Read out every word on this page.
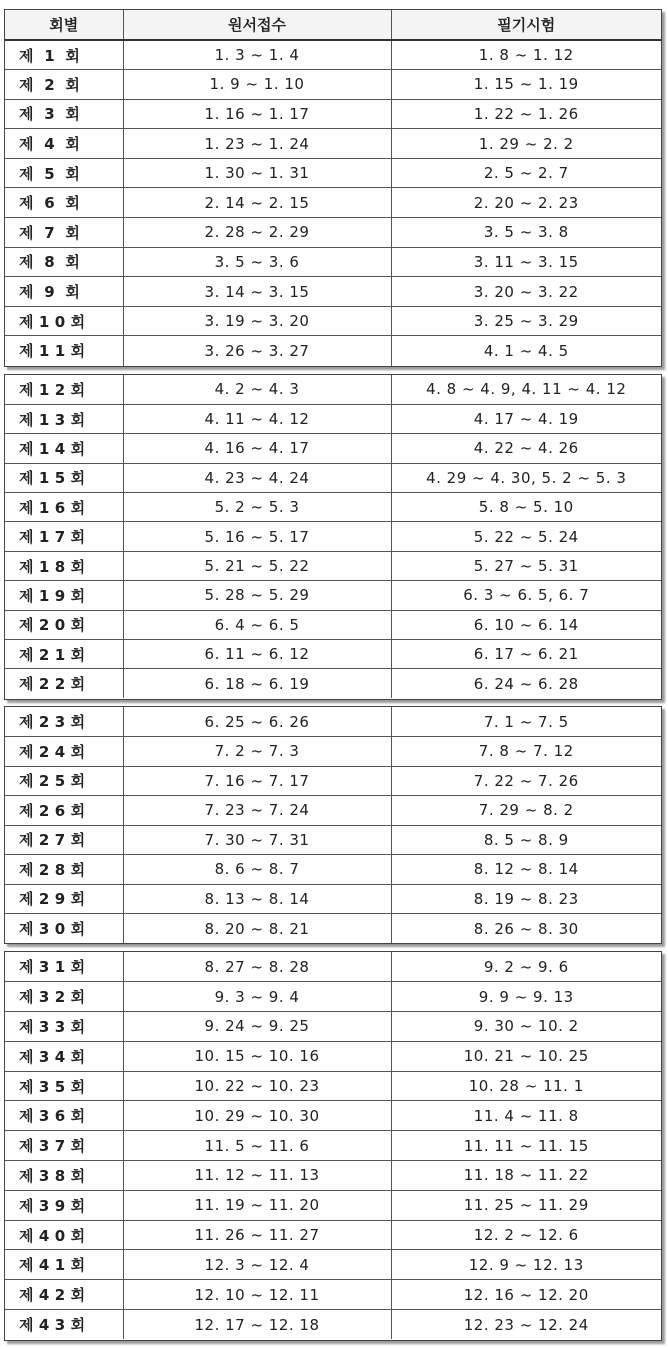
회별	원서접수	필기시험
제  1  회	1. 3 ~ 1. 4	1. 8 ~ 1. 12
제  2  회	1. 9 ~ 1. 10	1. 15 ~ 1. 19
제  3  회	1. 16 ~ 1. 17	1. 22 ~ 1. 26
제  4  회	1. 23 ~ 1. 24	1. 29 ~ 2. 2
제  5  회	1. 30 ~ 1. 31	2. 5 ~ 2. 7
제  6  회	2. 14 ~ 2. 15	2. 20 ~ 2. 23
제  7  회	2. 28 ~ 2. 29	3. 5 ~ 3. 8
제  8  회	3. 5 ~ 3. 6	3. 11 ~ 3. 15
제  9  회	3. 14 ~ 3. 15	3. 20 ~ 3. 22
제 1 0 회	3. 19 ~ 3. 20	3. 25 ~ 3. 29
제 1 1 회	3. 26 ~ 3. 27	4. 1 ~ 4. 5
제 1 2 회	4. 2 ~ 4. 3	4. 8 ~ 4. 9, 4. 11 ~ 4. 12
제 1 3 회	4. 11 ~ 4. 12	4. 17 ~ 4. 19
제 1 4 회	4. 16 ~ 4. 17	4. 22 ~ 4. 26
제 1 5 회	4. 23 ~ 4. 24	4. 29 ~ 4. 30, 5. 2 ~ 5. 3
제 1 6 회	5. 2 ~ 5. 3	5. 8 ~ 5. 10
제 1 7 회	5. 16 ~ 5. 17	5. 22 ~ 5. 24
제 1 8 회	5. 21 ~ 5. 22	5. 27 ~ 5. 31
제 1 9 회	5. 28 ~ 5. 29	6. 3 ~ 6. 5, 6. 7
제 2 0 회	6. 4 ~ 6. 5	6. 10 ~ 6. 14
제 2 1 회	6. 11 ~ 6. 12	6. 17 ~ 6. 21
제 2 2 회	6. 18 ~ 6. 19	6. 24 ~ 6. 28
제 2 3 회	6. 25 ~ 6. 26	7. 1 ~ 7. 5
제 2 4 회	7. 2 ~ 7. 3	7. 8 ~ 7. 12
제 2 5 회	7. 16 ~ 7. 17	7. 22 ~ 7. 26
제 2 6 회	7. 23 ~ 7. 24	7. 29 ~ 8. 2
제 2 7 회	7. 30 ~ 7. 31	8. 5 ~ 8. 9
제 2 8 회	8. 6 ~ 8. 7	8. 12 ~ 8. 14
제 2 9 회	8. 13 ~ 8. 14	8. 19 ~ 8. 23
제 3 0 회	8. 20 ~ 8. 21	8. 26 ~ 8. 30
제 3 1 회	8. 27 ~ 8. 28	9. 2 ~ 9. 6
제 3 2 회	9. 3 ~ 9. 4	9. 9 ~ 9. 13
제 3 3 회	9. 24 ~ 9. 25	9. 30 ~ 10. 2
제 3 4 회	10. 15 ~ 10. 16	10. 21 ~ 10. 25
제 3 5 회	10. 22 ~ 10. 23	10. 28 ~ 11. 1
제 3 6 회	10. 29 ~ 10. 30	11. 4 ~ 11. 8
제 3 7 회	11. 5 ~ 11. 6	11. 11 ~ 11. 15
제 3 8 회	11. 12 ~ 11. 13	11. 18 ~ 11. 22
제 3 9 회	11. 19 ~ 11. 20	11. 25 ~ 11. 29
제 4 0 회	11. 26 ~ 11. 27	12. 2 ~ 12. 6
제 4 1 회	12. 3 ~ 12. 4	12. 9 ~ 12. 13
제 4 2 회	12. 10 ~ 12. 11	12. 16 ~ 12. 20
제 4 3 회	12. 17 ~ 12. 18	12. 23 ~ 12. 24
